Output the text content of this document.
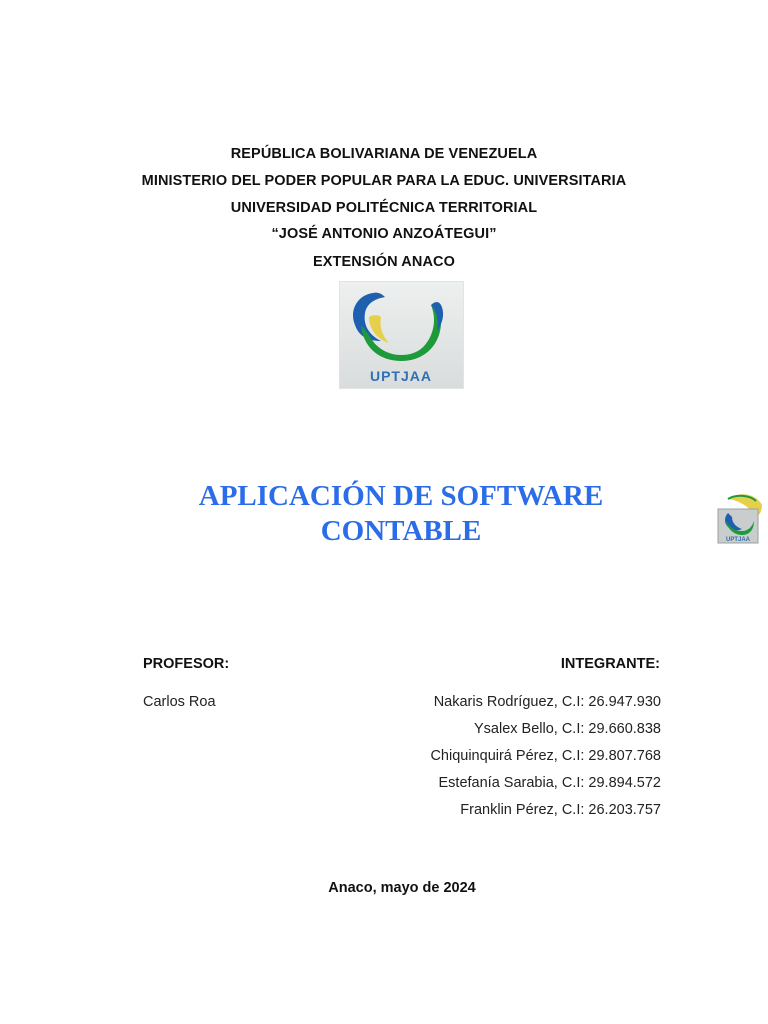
REPÚBLICA BOLIVARIANA DE VENEZUELA
MINISTERIO DEL PODER POPULAR PARA LA EDUC. UNIVERSITARIA
UNIVERSIDAD POLITÉCNICA TERRITORIAL
“JOSÉ ANTONIO ANZOÁTEGUI”
EXTENSIÓN ANACO
UPTJAA
APLICACIÓN DE SOFTWARE
CONTABLE	UPTJAA
PROFESOR:
Carlos Roa
INTEGRANTE:
Nakaris Rodríguez, C.I: 26.947.930
Ysalex Bello, C.I: 29.660.838
Chiquinquirá Pérez, C.I: 29.807.768
Estefanía Sarabia, C.I: 29.894.572
Franklin Pérez, C.I: 26.203.757
Anaco, mayo de 2024
